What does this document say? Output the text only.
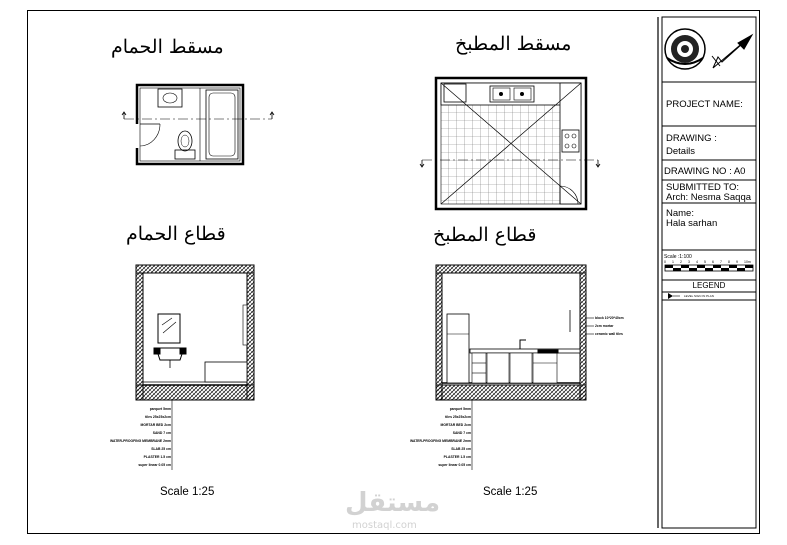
مسقط الحمام	مسقط المطبخ
قطاع الحمام	قطاع المطبخ
parquet 5mm
tiles 25x25x2cm
MORTAR BED 2cm
SAND 7 cm
WATER-PROOFING MEMBRANE 2mm
SLAB 25 cm
PLASTER 1.5 cm
super linear 0.05 cm
parquet 5mm
tiles 25x25x2cm
MORTAR BED 2cm
SAND 7 cm
WATER-PROOFING MEMBRANE 2mm
SLAB 25 cm
PLASTER 1.5 cm
super linear 0.05 cm
block 10*20*40cm
2cm mortar
ceramic wall tiles
Scale 1:25	Scale 1:25
PROJECT NAME:
DRAWING :
Details
DRAWING NO : A0
SUBMITTED TO:
Arch: Nesma Saqqa
Name:
Hala sarhan
Scale :1:100
0 1 2 3 4 5 6 7 8 9 10m
LEGEND
LEVEL SIGN IN PLAN
مستقل
mostaql.com
